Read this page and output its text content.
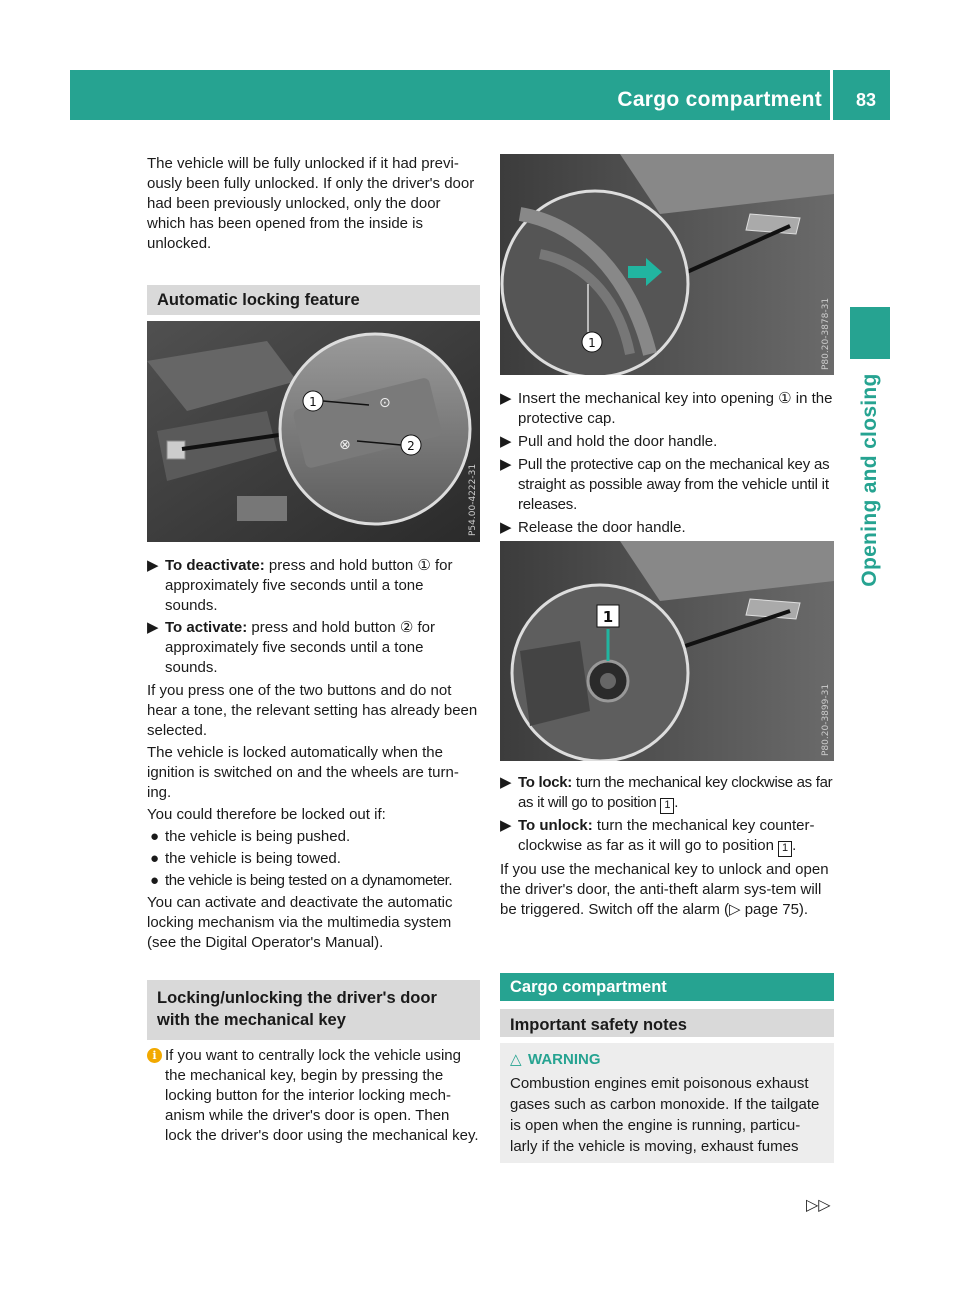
Cargo compartment 83
Opening and closing

The vehicle will be fully unlocked if it had previ-ously been fully unlocked. If only the driver's door had been previously unlocked, only the door which has been opened from the inside is unlocked.

Automatic locking feature
⊙
⊗
1
2
P54.00-4222-31

▶ To deactivate: press and hold button ① for approximately five seconds until a tone sounds.

▶ To activate: press and hold button ② for approximately five seconds until a tone sounds.

If you press one of the two buttons and do not hear a tone, the relevant setting has already been selected.

The vehicle is locked automatically when the ignition is switched on and the wheels are turn-ing.

You could therefore be locked out if:

● the vehicle is being pushed.
● the vehicle is being towed.
● the vehicle is being tested on a dynamometer.

You can activate and deactivate the automatic locking mechanism via the multimedia system (see the Digital Operator's Manual).

Locking/unlocking the driver's door with the mechanical key
i If you want to centrally lock the vehicle using the mechanical key, begin by pressing the locking button for the interior locking mech-anism while the driver's door is open. Then lock the driver's door using the mechanical key.

1	P80.20-3878-31

▶ Insert the mechanical key into opening ① in the protective cap.

▶ Pull and hold the door handle.

▶ Pull the protective cap on the mechanical key as straight as possible away from the vehicle until it releases.

▶ Release the door handle.

1
P80.20-3899-31

▶ To lock: turn the mechanical key clockwise as far as it will go to position 1 .

▶ To unlock: turn the mechanical key counter-clockwise as far as it will go to position 1 .

If you use the mechanical key to unlock and open the driver's door, the anti-theft alarm sys-tem will be triggered. Switch off the alarm (▷ page 75).

Cargo compartment
Important safety notes
△ WARNING

Combustion engines emit poisonous exhaust gases such as carbon monoxide. If the tailgate is open when the engine is running, particu-larly if the vehicle is moving, exhaust fumes

▷▷
